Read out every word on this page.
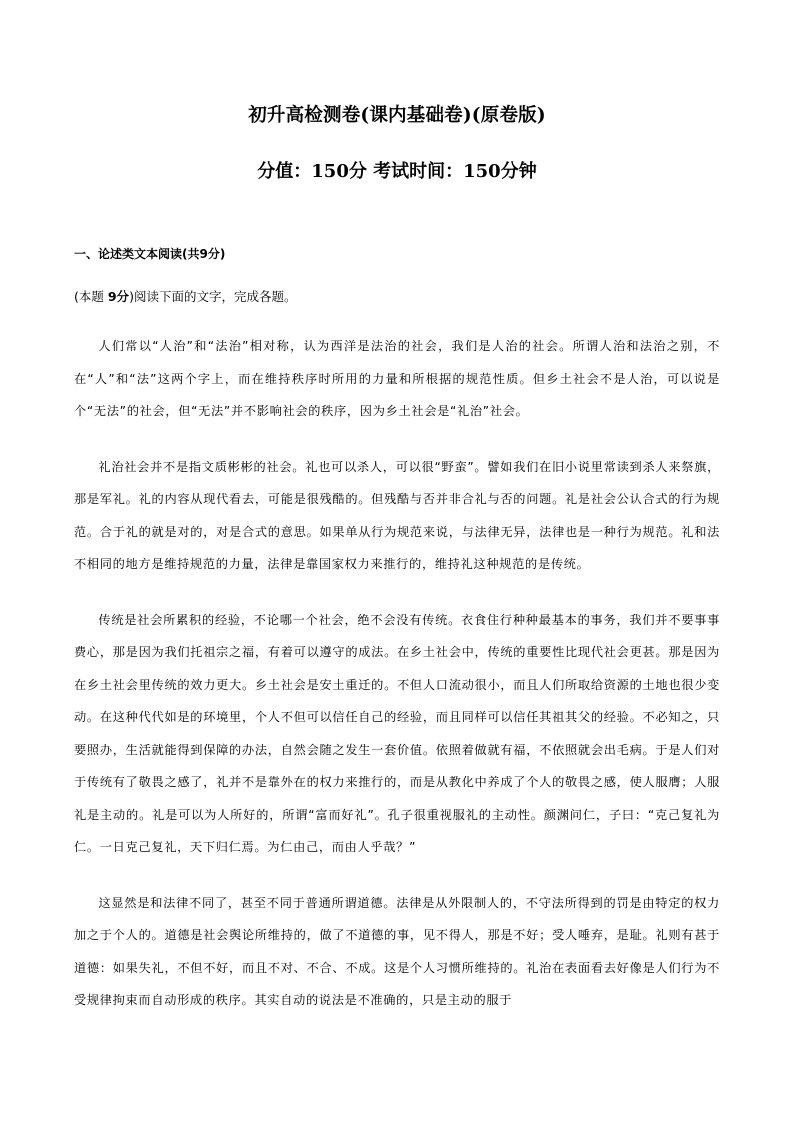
初升高检测卷(课内基础卷)(原卷版)
分值：150分 考试时间：150分钟
一、论述类文本阅读(共9分)
(本题 9分)阅读下面的文字，完成各题。

人们常以“人治”和“法治”相对称，认为西洋是法治的社会，我们是人治的社会。所谓人治和法治之别，不在“人”和“法”这两个字上，而在维持秩序时所用的力量和所根据的规范性质。但乡土社会不是人治，可以说是个“无法”的社会，但“无法”并不影响社会的秩序，因为乡土社会是“礼治”社会。

礼治社会并不是指文质彬彬的社会。礼也可以杀人，可以很“野蛮”。譬如我们在旧小说里常读到杀人来祭旗，那是军礼。礼的内容从现代看去，可能是很残酷的。但残酷与否并非合礼与否的问题。礼是社会公认合式的行为规范。合于礼的就是对的，对是合式的意思。如果单从行为规范来说，与法律无异，法律也是一种行为规范。礼和法不相同的地方是维持规范的力量，法律是靠国家权力来推行的，维持礼这种规范的是传统。

传统是社会所累积的经验，不论哪一个社会，绝不会没有传统。衣食住行种种最基本的事务，我们并不要事事费心，那是因为我们托祖宗之福，有着可以遵守的成法。在乡土社会中，传统的重要性比现代社会更甚。那是因为在乡土社会里传统的效力更大。乡土社会是安土重迁的。不但人口流动很小，而且人们所取给资源的土地也很少变动。在这种代代如是的环境里，个人不但可以信任自己的经验，而且同样可以信任其祖其父的经验。不必知之，只要照办，生活就能得到保障的办法，自然会随之发生一套价值。依照着做就有福，不依照就会出毛病。于是人们对于传统有了敬畏之感了，礼并不是靠外在的权力来推行的，而是从教化中养成了个人的敬畏之感，使人服膺；人服礼是主动的。礼是可以为人所好的，所谓“富而好礼”。孔子很重视服礼的主动性。颜渊问仁，子曰：“克己复礼为仁。一日克己复礼，天下归仁焉。为仁由己，而由人乎哉？”

这显然是和法律不同了，甚至不同于普通所谓道德。法律是从外限制人的，不守法所得到的罚是由特定的权力加之于个人的。道德是社会舆论所维持的，做了不道德的事，见不得人，那是不好；受人唾弃，是耻。礼则有甚于道德：如果失礼，不但不好，而且不对、不合、不成。这是个人习惯所维持的。礼治在表面看去好像是人们行为不受规律拘束而自动形成的秩序。其实自动的说法是不准确的，只是主动的服于
